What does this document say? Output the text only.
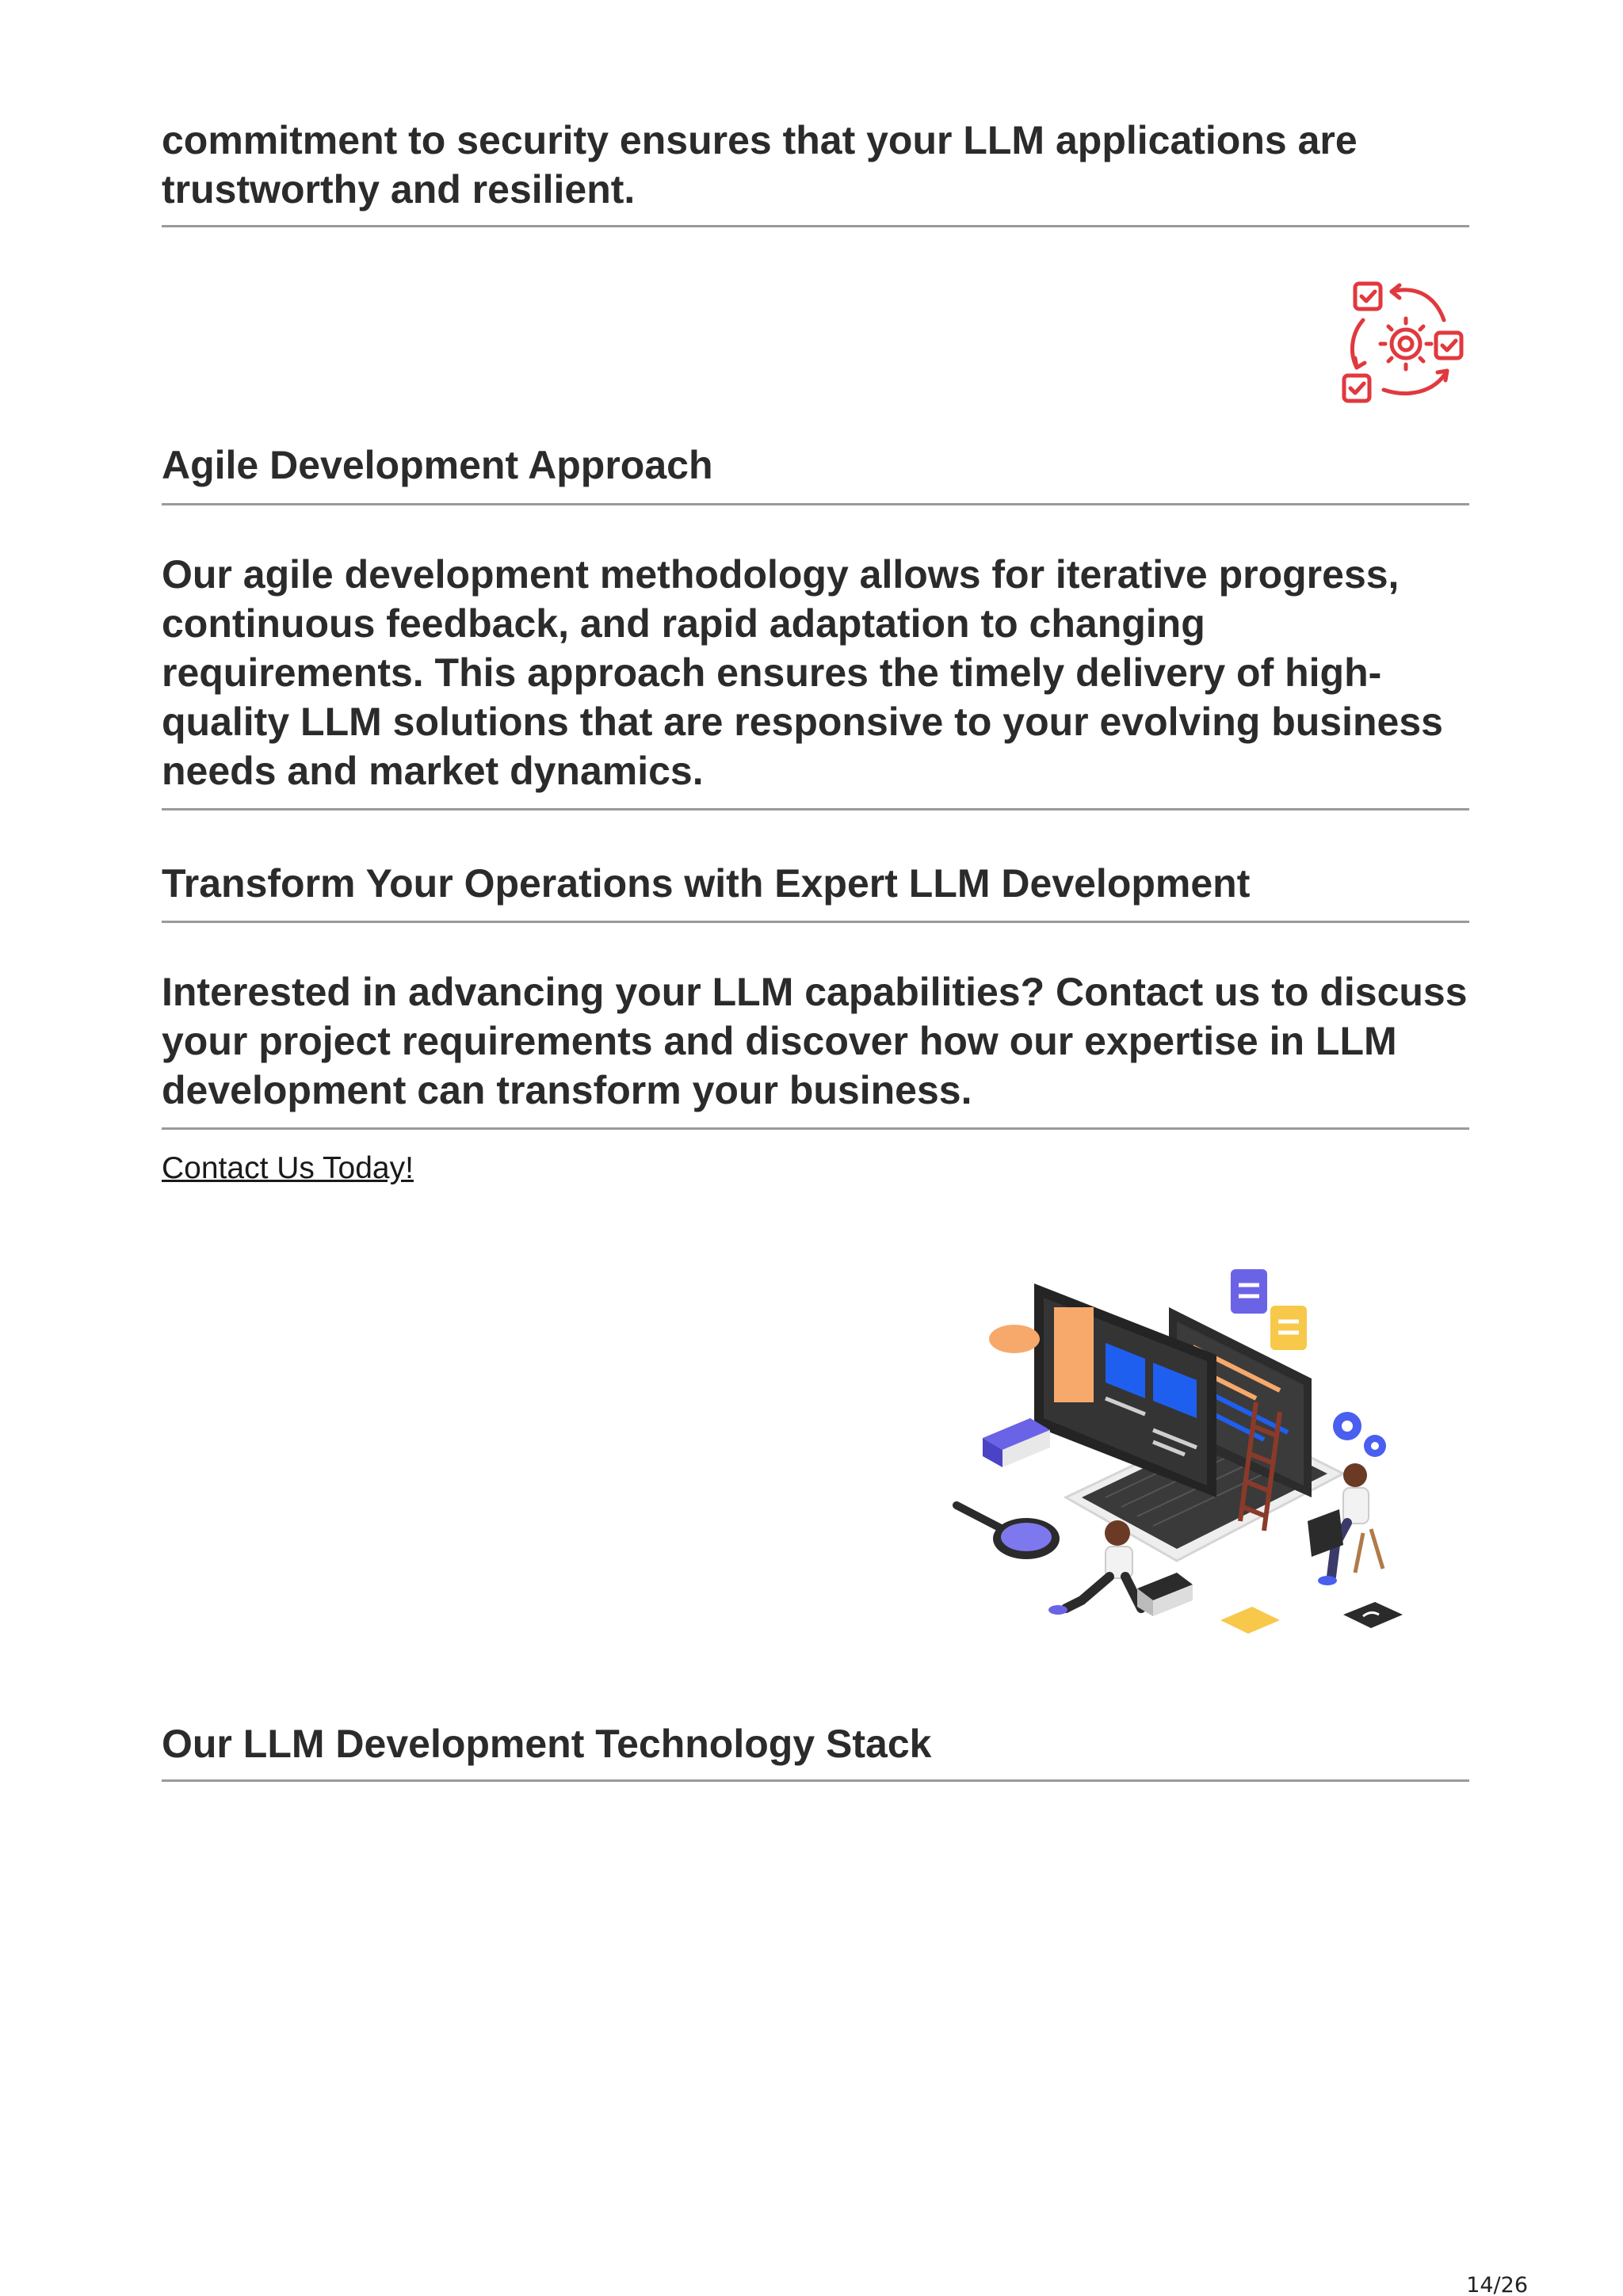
commitment to security ensures that your LLM applications are trustworthy and resilient.

Agile Development Approach

Our agile development methodology allows for iterative progress, continuous feedback, and rapid adaptation to changing requirements. This approach ensures the timely delivery of high-quality LLM solutions that are responsive to your evolving business needs and market dynamics.

Transform Your Operations with Expert LLM Development

Interested in advancing your LLM capabilities? Contact us to discuss your project requirements and discover how our expertise in LLM development can transform your business.

Contact Us Today!
Our LLM Development Technology Stack
14/26
